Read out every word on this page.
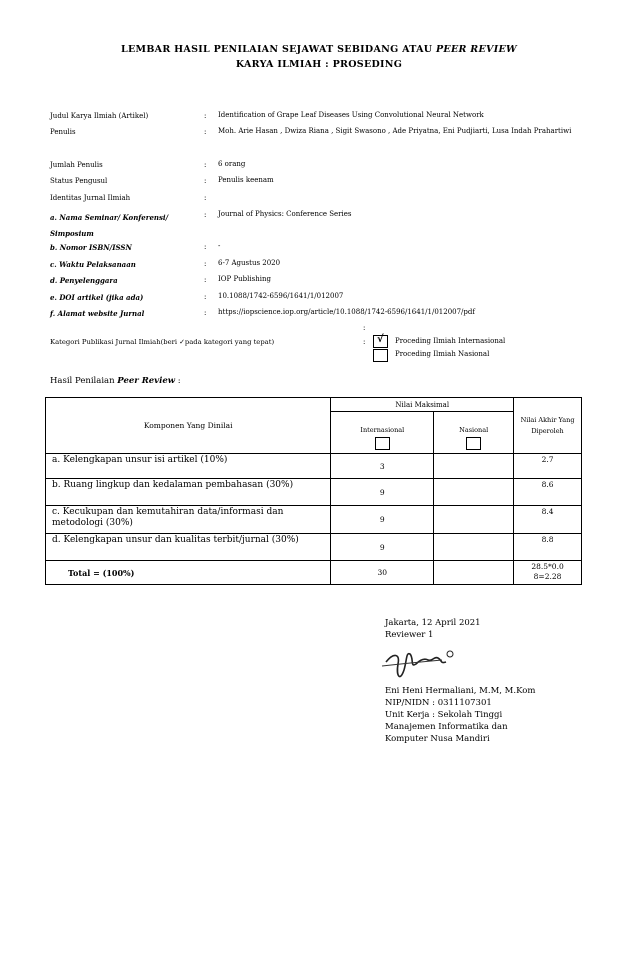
LEMBAR HASIL PENILAIAN SEJAWAT SEBIDANG ATAU PEER REVIEW
KARYA ILMIAH : PROSEDING
Judul Karya Ilmiah (Artikel)	: Identification of Grape Leaf Diseases Using Convolutional Neural Network
Penulis	: Moh. Arie Hasan , Dwiza Riana , Sigit Swasono , Ade Priyatna, Eni Pudjiarti, Lusa Indah Prahartiwi
Jumlah Penulis	: 6 orang
Status Pengusul	: Penulis keenam
Identitas Jurnal Ilmiah	:
a. Nama Seminar/ Konferensi/ Simposium
: Journal of Physics: Conference Series
b. Nomor ISBN/ISSN	: -
c. Waktu Pelaksanaan	: 6-7 Agustus 2020
d. Penyelenggara	: IOP Publishing
e. DOI artikel (jika ada)	: 10.1088/1742-6596/1641/1/012007
f. Alamat website Jurnal	: https://iopscience.iop.org/article/10.1088/1742-6596/1641/1/012007/pdf
:
Kategori Publikasi Jurnal Ilmiah(beri ✓pada kategori yang tepat)	: √ Proceding Ilmiah Internasional
Proceding Ilmiah Nasional
Hasil Penilaian Peer Review :
Komponen Yang Dinilai	Nilai Maksimal		Nilai Akhir Yang Diperoleh
	Internasional	Nasional	

a. Kelengkapan unsur isi artikel (10%)	3		2.7
b. Ruang lingkup dan kedalaman pembahasan (30%)	9		8.6
c. Kecukupan dan kemutahiran data/informasi dan metodologi (30%)	9		8.4
d. Kelengkapan unsur dan kualitas terbit/jurnal (30%)	9		8.8
Total = (100%)	30		28.5*0.0
8=2.28
Jakarta, 12 April 2021
Reviewer 1
Eni Heni Hermaliani, M.M, M.Kom
NIP/NIDN : 0311107301
Unit Kerja : Sekolah Tinggi
Manajemen Informatika dan
Komputer Nusa Mandiri
